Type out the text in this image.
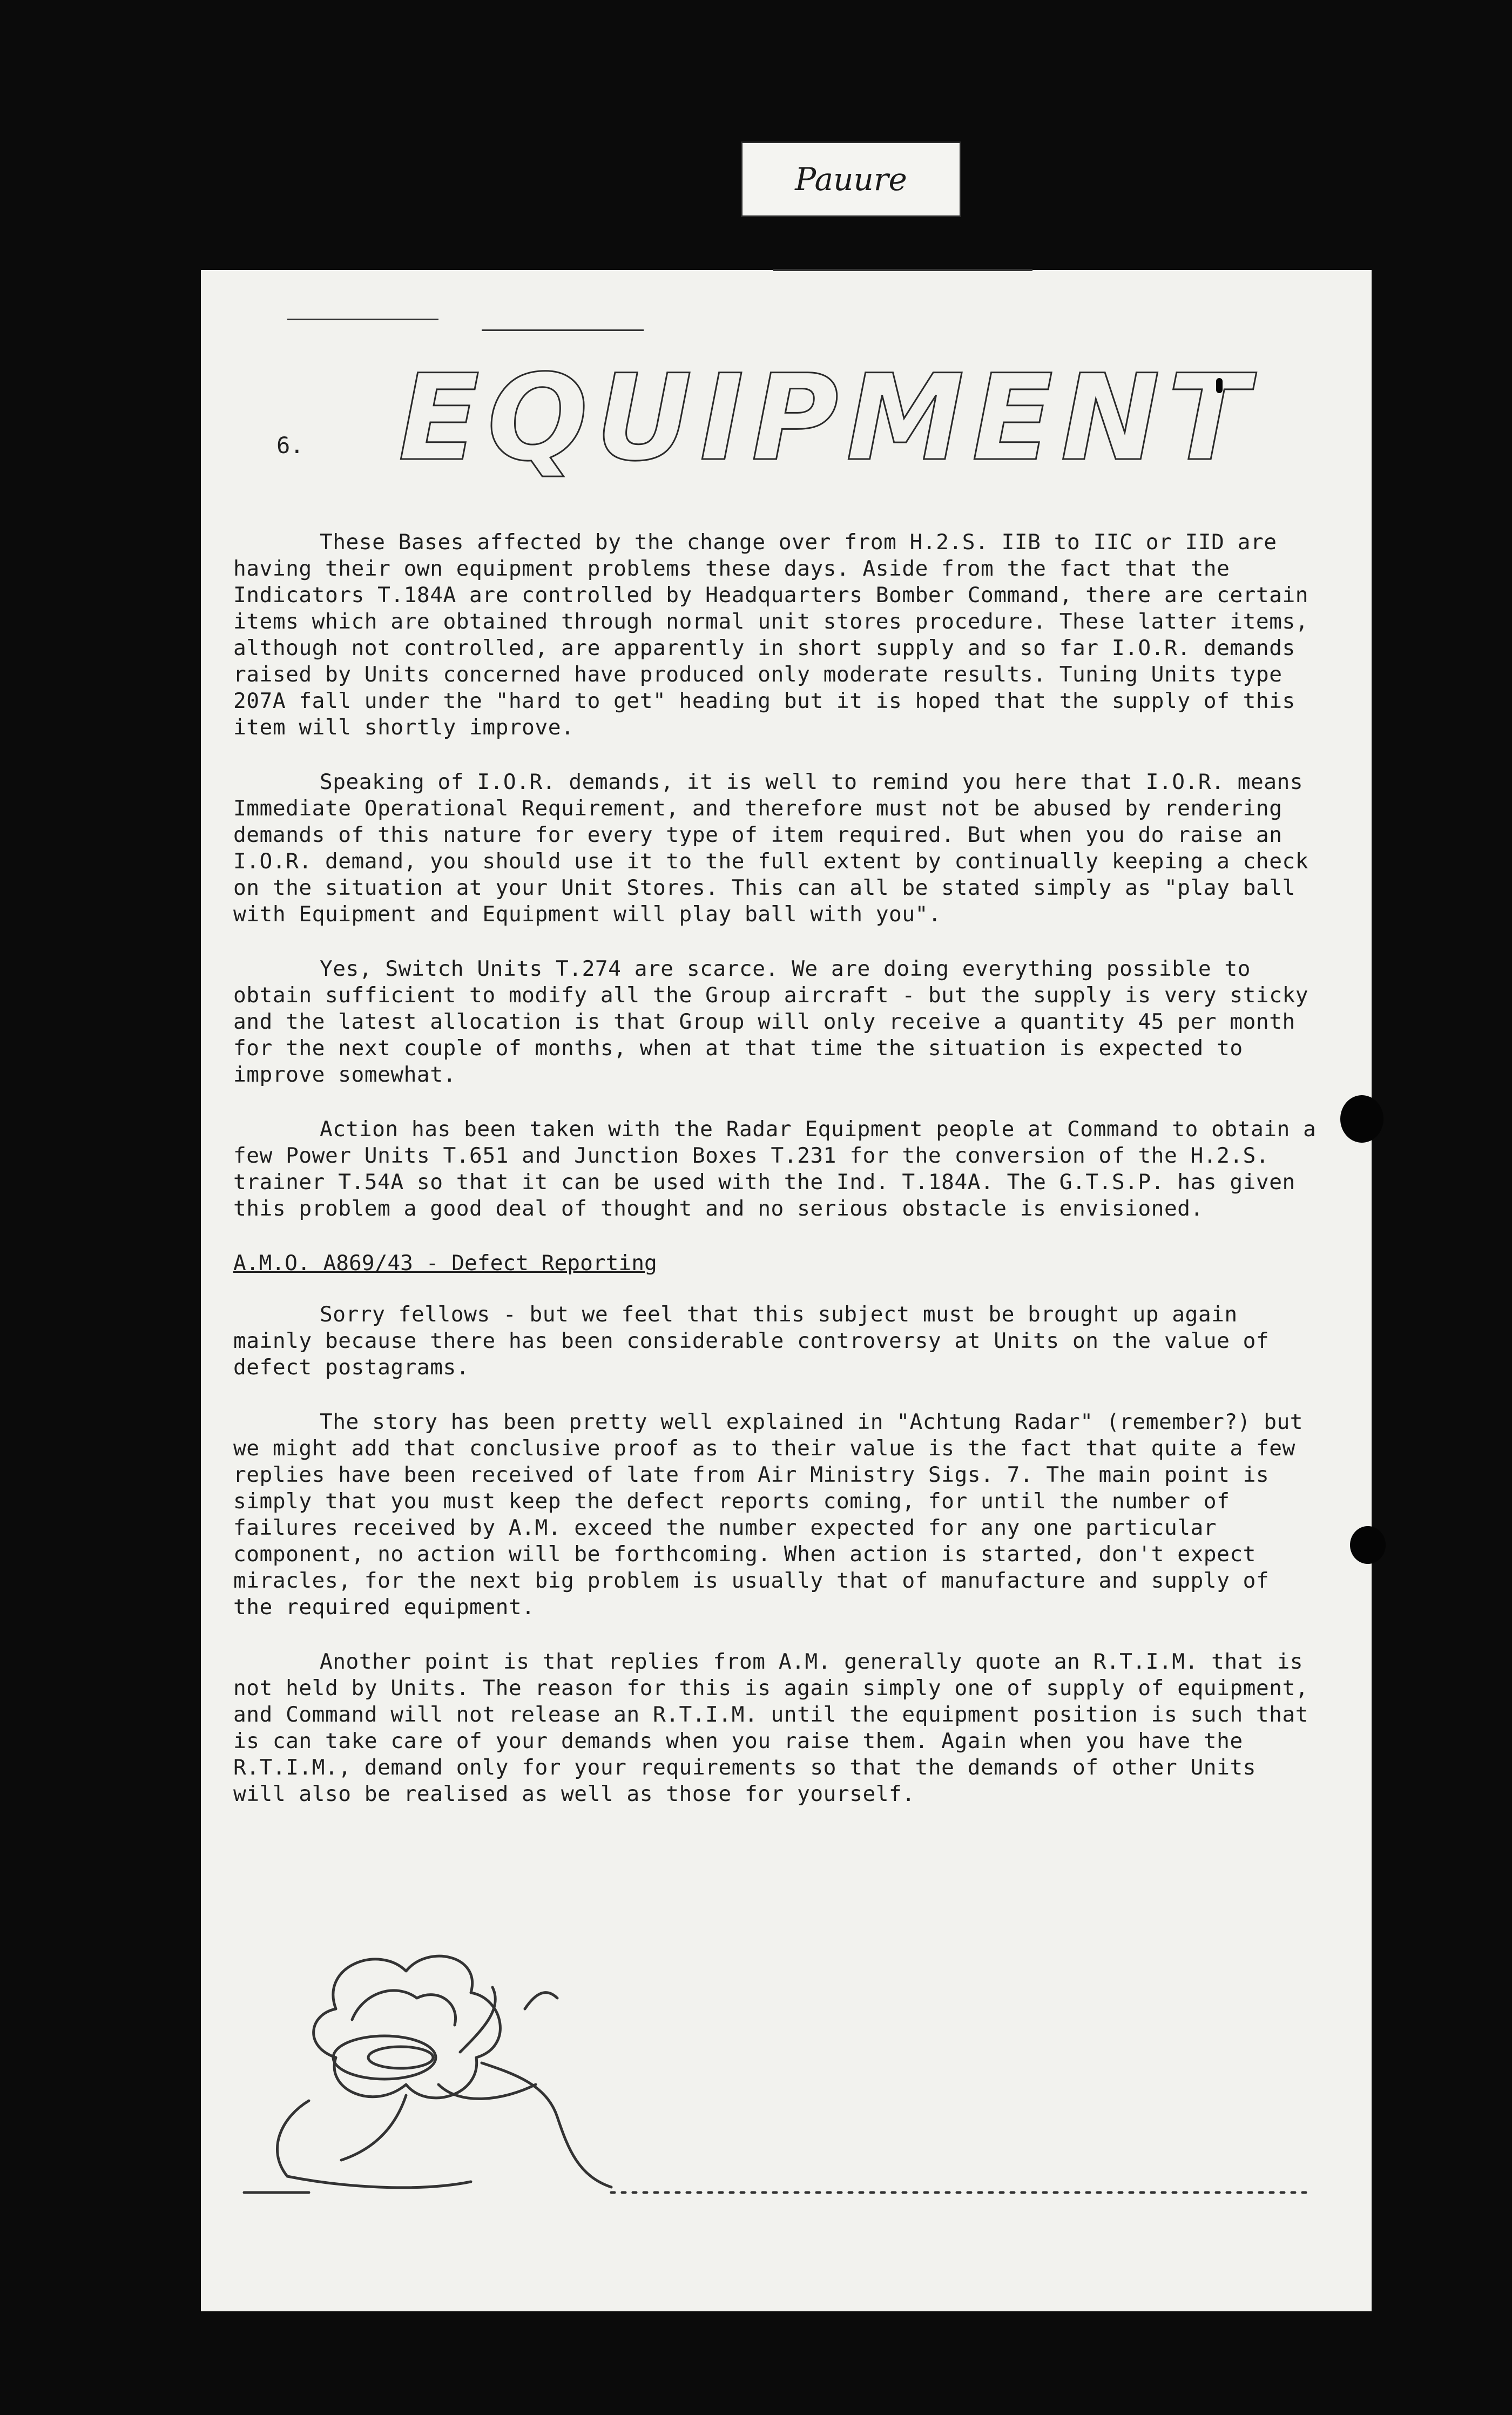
Pauure
6. EQUIPMENT

These Bases affected by the change over from H.2.S. IIB to IIC or IID are having their own equipment problems these days. Aside from the fact that the Indicators T.184A are controlled by Headquarters Bomber Command, there are certain items which are obtained through normal unit stores procedure. These latter items, although not controlled, are apparently in short supply and so far I.O.R. demands raised by Units concerned have produced only moderate results. Tuning Units type 207A fall under the "hard to get" heading but it is hoped that the supply of this item will shortly improve.

Speaking of I.O.R. demands, it is well to remind you here that I.O.R. means Immediate Operational Requirement, and therefore must not be abused by rendering demands of this nature for every type of item required. But when you do raise an I.O.R. demand, you should use it to the full extent by continually keeping a check on the situation at your Unit Stores. This can all be stated simply as "play ball with Equipment and Equipment will play ball with you".

Yes, Switch Units T.274 are scarce. We are doing everything possible to obtain sufficient to modify all the Group aircraft - but the supply is very sticky and the latest allocation is that Group will only receive a quantity 45 per month for the next couple of months, when at that time the situation is expected to improve somewhat.

Action has been taken with the Radar Equipment people at Command to obtain a few Power Units T.651 and Junction Boxes T.231 for the conversion of the H.2.S. trainer T.54A so that it can be used with the Ind. T.184A. The G.T.S.P. has given this problem a good deal of thought and no serious obstacle is envisioned.

A.M.O. A869/43 - Defect Reporting

Sorry fellows - but we feel that this subject must be brought up again mainly because there has been considerable controversy at Units on the value of defect postagrams.

The story has been pretty well explained in "Achtung Radar" (remember?) but we might add that conclusive proof as to their value is the fact that quite a few replies have been received of late from Air Ministry Sigs. 7. The main point is simply that you must keep the defect reports coming, for until the number of failures received by A.M. exceed the number expected for any one particular component, no action will be forthcoming. When action is started, don't expect miracles, for the next big problem is usually that of manufacture and supply of the required equipment.

Another point is that replies from A.M. generally quote an R.T.I.M. that is not held by Units. The reason for this is again simply one of supply of equipment, and Command will not release an R.T.I.M. until the equipment position is such that is can take care of your demands when you raise them. Again when you have the R.T.I.M., demand only for your requirements so that the demands of other Units will also be realised as well as those for yourself.
